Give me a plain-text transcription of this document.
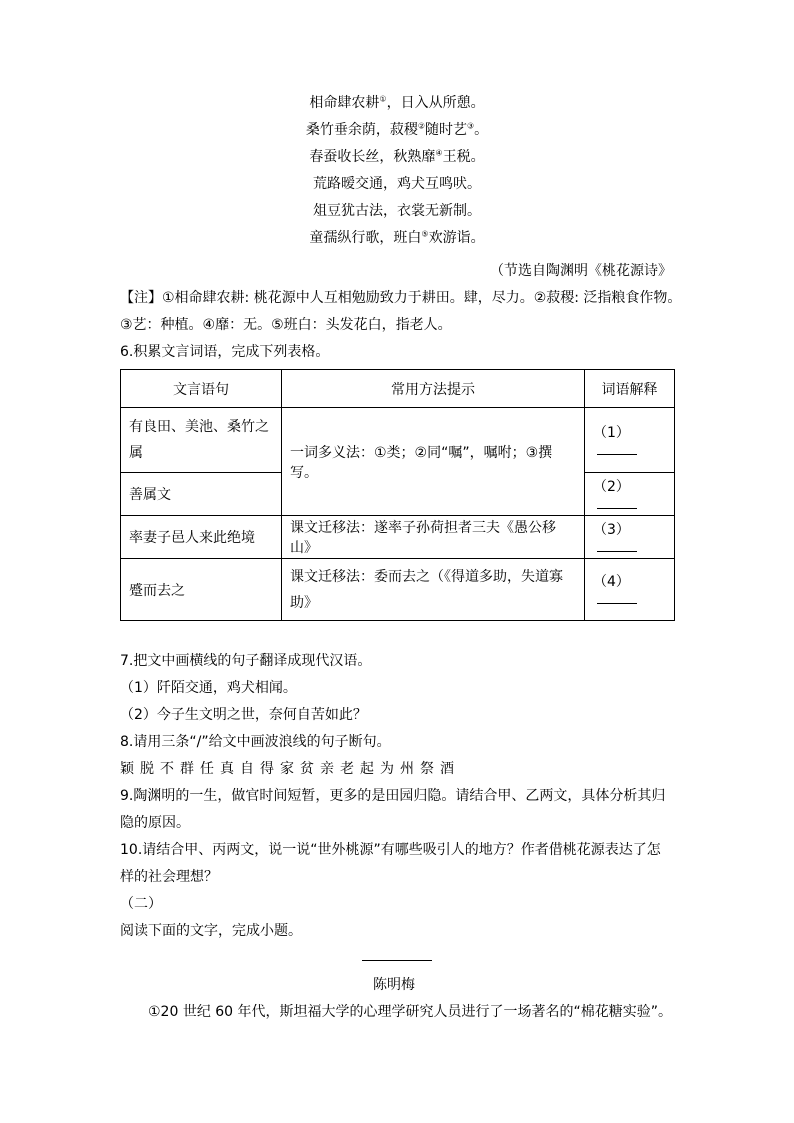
相命肆农耕①，日入从所憩。
桑竹垂余荫，菽稷②随时艺③。
春蚕收长丝，秋熟靡④王税。
荒路暧交通，鸡犬互鸣吠。
俎豆犹古法，衣裳无新制。
童孺纵行歌，班白⑤欢游诣。
（节选自陶渊明《桃花源诗》
【注】①相命肆农耕: 桃花源中人互相勉励致力于耕田。肆，尽力。②菽稷: 泛指粮食作物。
③艺：种植。④靡：无。⑤班白：头发花白，指老人。
6.积累文言词语，完成下列表格。
文言语句	常用方法提示	词语解释
有良田、美池、桑竹之属	一词多义法：①类；②同“嘱”，嘱咐；③撰写。	（1）
善属文		（2）
率妻子邑人来此绝境	课文迁移法：遂率子孙荷担者三夫《愚公移山》	（3）
蹙而去之	课文迁移法：委而去之（《得道多助，失道寡助》	（4）
7.把文中画横线的句子翻译成现代汉语。
（1）阡陌交通，鸡犬相闻。
（2）今子生文明之世，奈何自苦如此？
8.请用三条“/”给文中画波浪线的句子断句。
颖脱不群任真自得家贫亲老起为州祭酒
9.陶渊明的一生，做官时间短暂，更多的是田园归隐。请结合甲、乙两文，具体分析其归
隐的原因。
10.请结合甲、丙两文，说一说“世外桃源”有哪些吸引人的地方？作者借桃花源表达了怎
样的社会理想？
（二）
阅读下面的文字，完成小题。
陈明梅
①20 世纪 60 年代，斯坦福大学的心理学研究人员进行了一场著名的“棉花糖实验”。
